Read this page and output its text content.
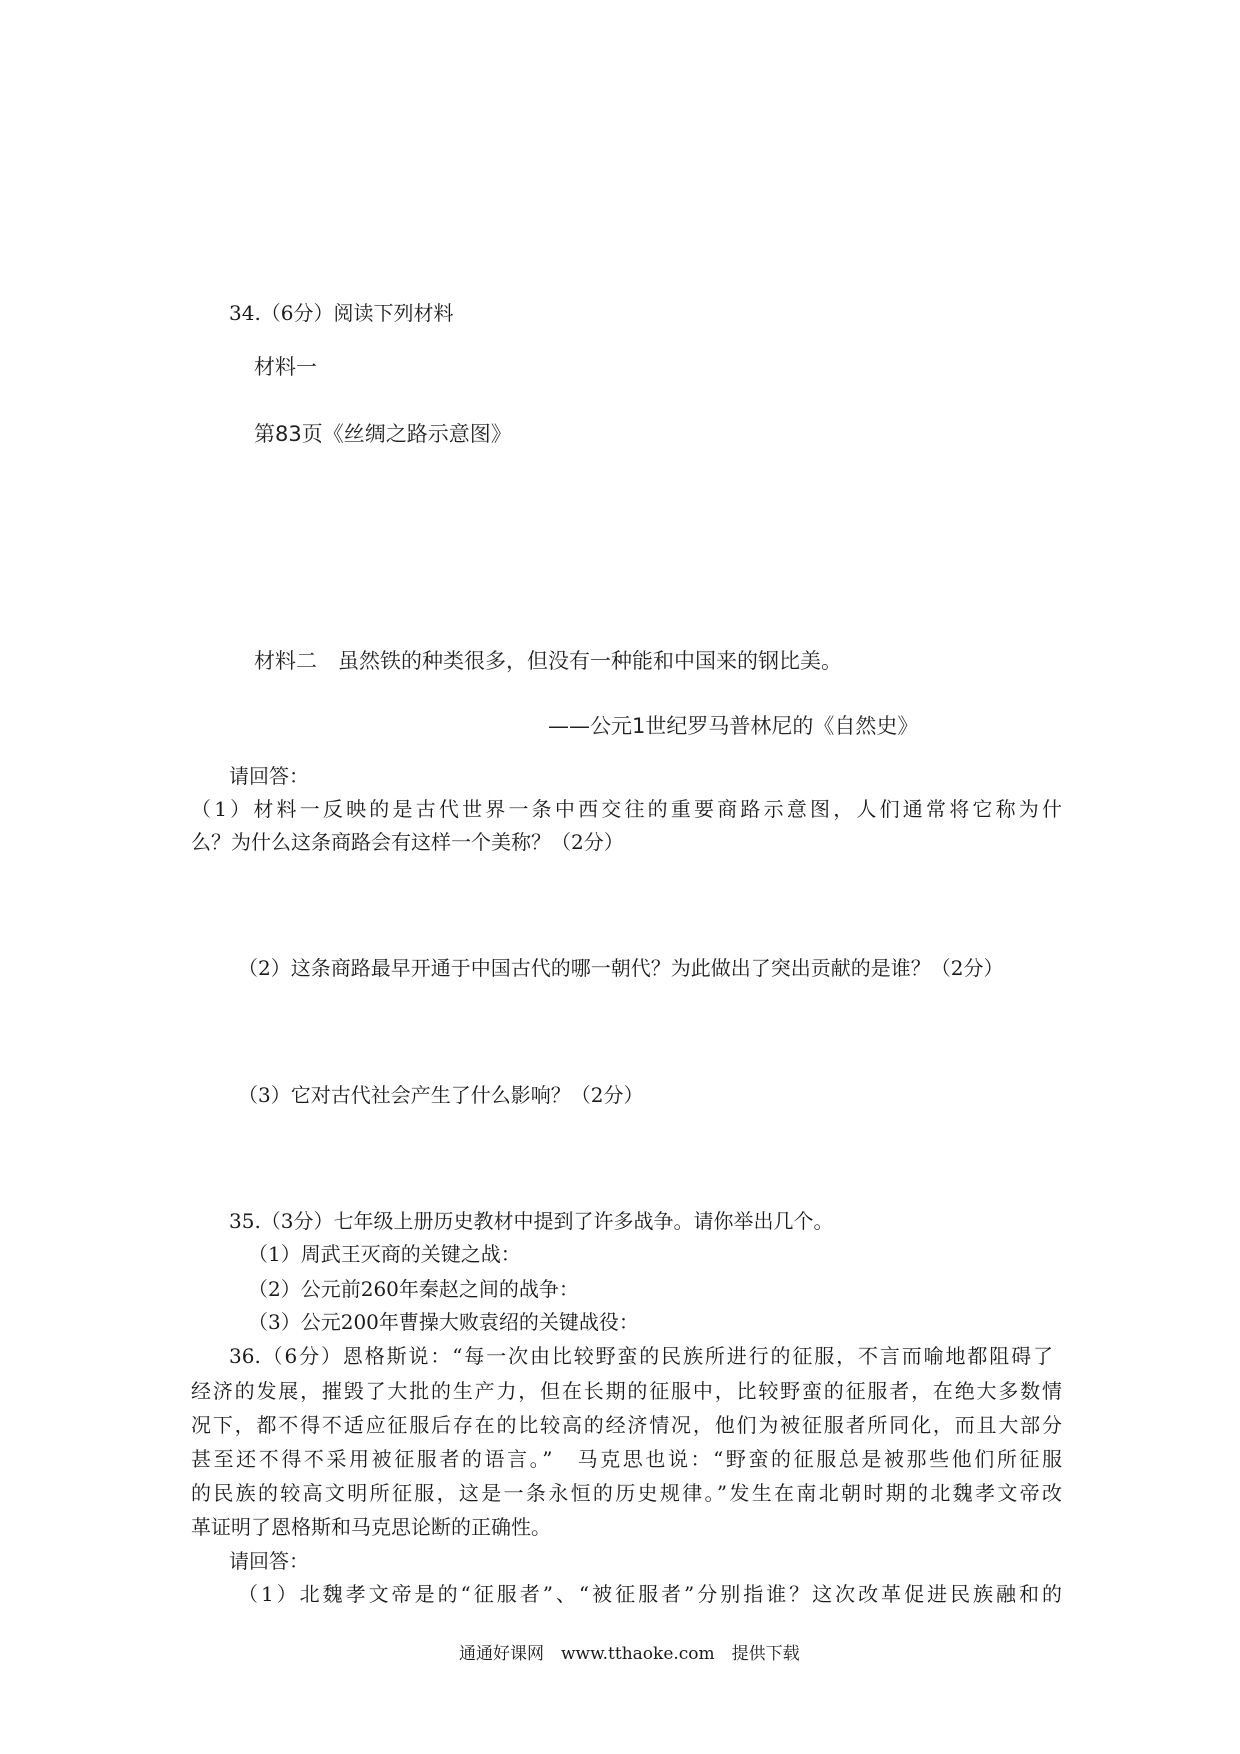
34.（6分）阅读下列材料
材料一
第83页《丝绸之路示意图》
材料二　虽然铁的种类很多，但没有一种能和中国来的钢比美。
——公元1世纪罗马普林尼的《自然史》
请回答：
（1）材料一反映的是古代世界一条中西交往的重要商路示意图，人们通常将它称为什
么？为什么这条商路会有这样一个美称？（2分）
（2）这条商路最早开通于中国古代的哪一朝代？为此做出了突出贡献的是谁？（2分）
（3）它对古代社会产生了什么影响？（2分）
35.（3分）七年级上册历史教材中提到了许多战争。请你举出几个。
（1）周武王灭商的关键之战：
（2）公元前260年秦赵之间的战争：
（3）公元200年曹操大败袁绍的关键战役：
36.（6分）恩格斯说：“每一次由比较野蛮的民族所进行的征服，不言而喻地都阻碍了
经济的发展，摧毁了大批的生产力，但在长期的征服中，比较野蛮的征服者，在绝大多数情
况下，都不得不适应征服后存在的比较高的经济情况，他们为被征服者所同化，而且大部分
甚至还不得不采用被征服者的语言。”　马克思也说：“野蛮的征服总是被那些他们所征服
的民族的较高文明所征服，这是一条永恒的历史规律。”发生在南北朝时期的北魏孝文帝改
革证明了恩格斯和马克思论断的正确性。
请回答：
（1）北魏孝文帝是的“征服者”、“被征服者”分别指谁？这次改革促进民族融和的
通通好课网　www.tthaoke.com　提供下载
